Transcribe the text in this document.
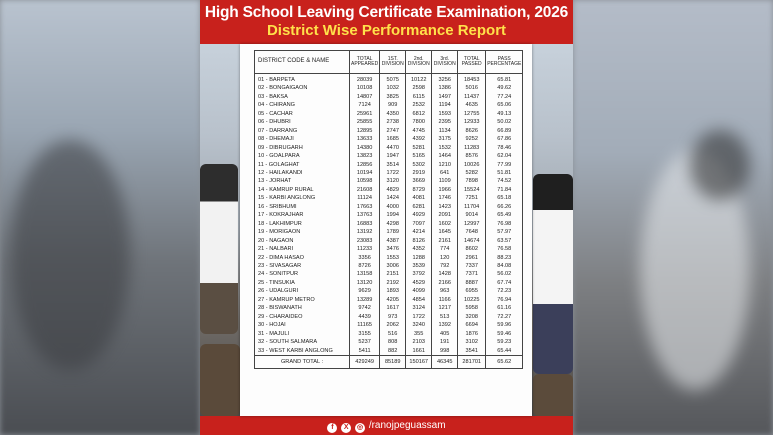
High School Leaving Certificate Examination, 2026
District Wise Performance Report
DISTRICT CODE & NAME	TOTAL APPEARED	1ST. DIVISION	2nd. DIVISION	3rd. DIVISION	TOTAL PASSED	PASS PERCENTAGE
01 - BARPETA	28039	5075	10122	3256	18453	65.81
02 - BONGAIGAON	10108	1032	2598	1386	5016	49.62
03 - BAKSA	14807	3825	6115	1497	11437	77.24
04 - CHIRANG	7124	909	2532	1194	4635	65.06
05 - CACHAR	25961	4350	6812	1593	12755	49.13
06 - DHUBRI	25855	2738	7800	2395	12933	50.02
07 - DARRANG	12895	2747	4745	1134	8626	66.89
08 - DHEMAJI	13633	1685	4392	3175	9252	67.86
09 - DIBRUGARH	14380	4470	5281	1532	11283	78.46
10 - GOALPARA	13823	1947	5165	1464	8576	62.04
11 - GOLAGHAT	12856	3514	5302	1210	10026	77.99
12 - HAILAKANDI	10194	1722	2919	641	5282	51.81
13 - JORHAT	10598	3120	3669	1109	7898	74.52
14 - KAMRUP RURAL	21608	4829	8729	1966	15524	71.84
15 - KARBI ANGLONG	11124	1424	4081	1746	7251	65.18
16 - SRIBHUMI	17663	4000	6281	1423	11704	66.26
17 - KOKRAJHAR	13763	1994	4929	2091	9014	65.49
18 - LAKHIMPUR	16883	4298	7097	1602	12997	76.98
19 - MORIGAON	13192	1789	4214	1645	7648	57.97
20 - NAGAON	23083	4387	8126	2161	14674	63.57
21 - NALBARI	11233	3476	4352	774	8602	76.58
22 - DIMA HASAO	3356	1553	1288	120	2961	88.23
23 - SIVASAGAR	8726	3006	3539	792	7337	84.08
24 - SONITPUR	13158	2151	3792	1428	7371	56.02
25 - TINSUKIA	13120	2192	4529	2166	8887	67.74
26 - UDALGURI	9629	1893	4099	963	6955	72.23
27 - KAMRUP METRO	13289	4205	4854	1166	10225	76.94
28 - BISWANATH	9742	1617	3124	1217	5958	61.16
29 - CHARAIDEO	4439	973	1722	513	3208	72.27
30 - HOJAI	11165	2062	3240	1392	6694	59.96
31 - MAJULI	3155	516	355	405	1876	59.46
32 - SOUTH SALMARA	5237	808	2103	191	3102	59.23
33 - WEST KARBI ANGLONG	5411	882	1661	998	3541	65.44
GRAND TOTAL :	429249	85189	150167	46345	281701	65.62
f X ◎ /ranojpeguassam
